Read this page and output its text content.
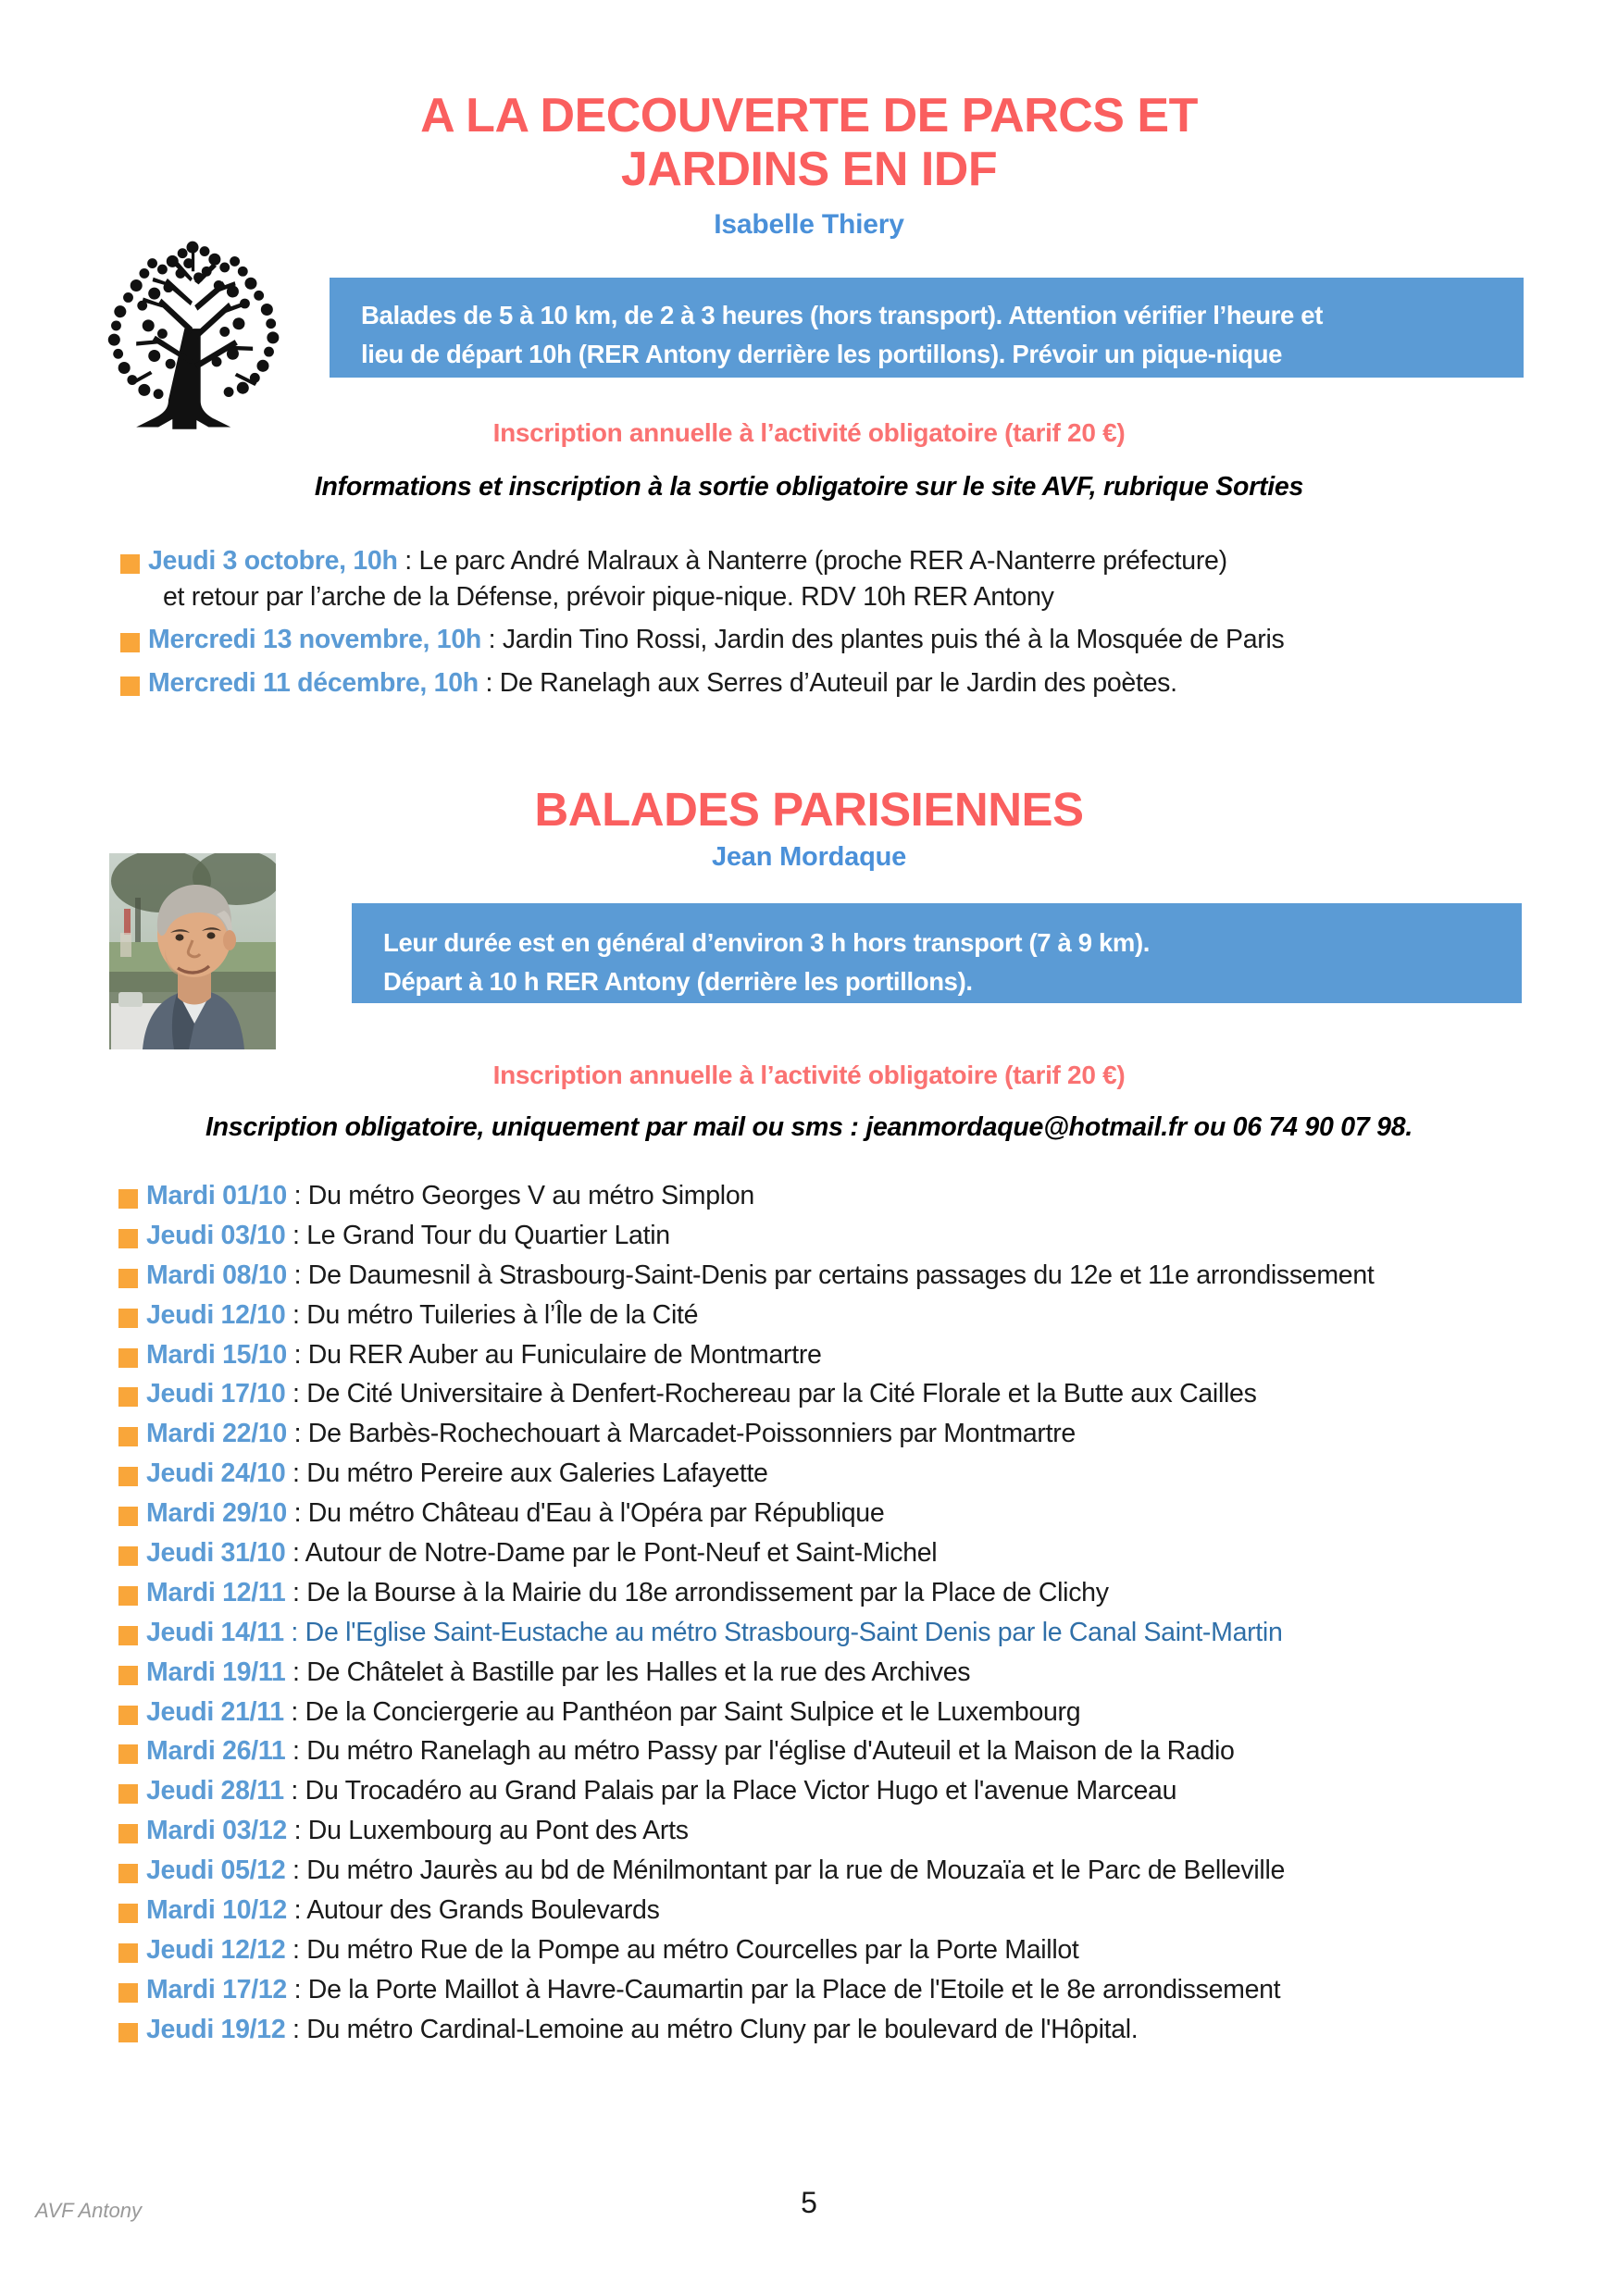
A LA DECOUVERTE DE PARCS ET
JARDINS EN IDF

Isabelle Thiery

Balades de 5 à 10 km, de 2 à 3 heures (hors transport). Attention vérifier l’heure et

lieu de départ 10h (RER Antony derrière les portillons). Prévoir un pique-nique

Inscription annuelle à l’activité obligatoire (tarif 20 €)
Informations et inscription à la sortie obligatoire sur le site AVF, rubrique Sorties
Jeudi 3 octobre, 10h : Le parc André Malraux à Nanterre (proche RER A-Nanterre préfecture)
et retour par l’arche de la Défense, prévoir pique-nique. RDV 10h RER Antony
Mercredi 13 novembre, 10h : Jardin Tino Rossi, Jardin des plantes puis thé à la Mosquée de Paris
Mercredi 11 décembre, 10h : De Ranelagh aux Serres d’Auteuil par le Jardin des poètes.
BALADES PARISIENNES

Jean Mordaque

Leur durée est en général d’environ 3 h hors transport (7 à 9 km).

Départ à 10 h RER Antony (derrière les portillons).

Inscription annuelle à l’activité obligatoire (tarif 20 €)
Inscription obligatoire, uniquement par mail ou sms : jeanmordaque@hotmail.fr ou 06 74 90 07 98.
Mardi 01/10 : Du métro Georges V au métro Simplon
Jeudi 03/10 : Le Grand Tour du Quartier Latin
Mardi 08/10 : De Daumesnil à Strasbourg-Saint-Denis par certains passages du 12e et 11e arrondissement
Jeudi 12/10 : Du métro Tuileries à l’Île de la Cité
Mardi 15/10 : Du RER Auber au Funiculaire de Montmartre
Jeudi 17/10 : De Cité Universitaire à Denfert-Rochereau par la Cité Florale et la Butte aux Cailles
Mardi 22/10 : De Barbès-Rochechouart à Marcadet-Poissonniers par Montmartre
Jeudi 24/10 : Du métro Pereire aux Galeries Lafayette
Mardi 29/10 : Du métro Château d'Eau à l'Opéra par République
Jeudi 31/10 : Autour de Notre-Dame par le Pont-Neuf et Saint-Michel
Mardi 12/11 : De la Bourse à la Mairie du 18e arrondissement par la Place de Clichy
Jeudi 14/11 : De l'Eglise Saint-Eustache au métro Strasbourg-Saint Denis par le Canal Saint-Martin
Mardi 19/11 : De Châtelet à Bastille par les Halles et la rue des Archives
Jeudi 21/11 : De la Conciergerie au Panthéon par Saint Sulpice et le Luxembourg
Mardi 26/11 : Du métro Ranelagh au métro Passy par l'église d'Auteuil et la Maison de la Radio
Jeudi 28/11 : Du Trocadéro au Grand Palais par la Place Victor Hugo et l'avenue Marceau
Mardi 03/12 : Du Luxembourg au Pont des Arts
Jeudi 05/12 : Du métro Jaurès au bd de Ménilmontant par la rue de Mouzaïa et le Parc de Belleville
Mardi 10/12 : Autour des Grands Boulevards
Jeudi 12/12 : Du métro Rue de la Pompe au métro Courcelles par la Porte Maillot
Mardi 17/12 : De la Porte Maillot à Havre-Caumartin par la Place de l'Etoile et le 8e arrondissement
Jeudi 19/12 : Du métro Cardinal-Lemoine au métro Cluny par le boulevard de l'Hôpital.
AVF Antony	5
